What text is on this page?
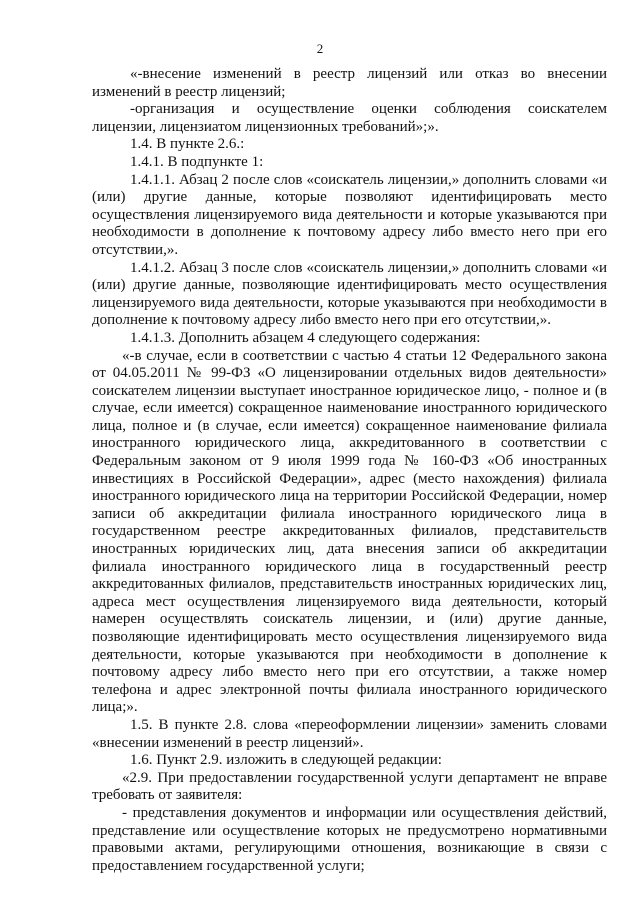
2

«-внесение изменений в реестр лицензий или отказ во внесении изменений в реестр лицензий;

-организация и осуществление оценки соблюдения соискателем лицензии, лицензиатом лицензионных требований»;».

1.4. В пункте 2.6.:

1.4.1. В подпункте 1:

1.4.1.1. Абзац 2 после слов «соискатель лицензии,» дополнить словами «и (или) другие данные, которые позволяют идентифицировать место осуществления лицензируемого вида деятельности и которые указываются при необходимости в дополнение к почтовому адресу либо вместо него при его отсутствии,».

1.4.1.2. Абзац 3 после слов «соискатель лицензии,» дополнить словами «и (или) другие данные, позволяющие идентифицировать место осуществления лицензируемого вида деятельности, которые указываются при необходимости в дополнение к почтовому адресу либо вместо него при его отсутствии,».

1.4.1.3. Дополнить абзацем 4 следующего содержания:

«-в случае, если в соответствии с частью 4 статьи 12 Федерального закона от 04.05.2011 № 99-ФЗ «О лицензировании отдельных видов деятельности» соискателем лицензии выступает иностранное юридическое лицо, - полное и (в случае, если имеется) сокращенное наименование иностранного юридического лица, полное и (в случае, если имеется) сокращенное наименование филиала иностранного юридического лица, аккредитованного в соответствии с Федеральным законом от 9 июля 1999 года № 160-ФЗ «Об иностранных инвестициях в Российской Федерации», адрес (место нахождения) филиала иностранного юридического лица на территории Российской Федерации, номер записи об аккредитации филиала иностранного юридического лица в государственном реестре аккредитованных филиалов, представительств иностранных юридических лиц, дата внесения записи об аккредитации филиала иностранного юридического лица в государственный реестр аккредитованных филиалов, представительств иностранных юридических лиц, адреса мест осуществления лицензируемого вида деятельности, который намерен осуществлять соискатель лицензии, и (или) другие данные, позволяющие идентифицировать место осуществления лицензируемого вида деятельности, которые указываются при необходимости в дополнение к почтовому адресу либо вместо него при его отсутствии, а также номер телефона и адрес электронной почты филиала иностранного юридического лица;».

1.5. В пункте 2.8. слова «переоформлении лицензии» заменить словами «внесении изменений в реестр лицензий».

1.6. Пункт 2.9. изложить в следующей редакции:

«2.9. При предоставлении государственной услуги департамент не вправе требовать от заявителя:

- представления документов и информации или осуществления действий, представление или осуществление которых не предусмотрено нормативными правовыми актами, регулирующими отношения, возникающие в связи с предоставлением государственной услуги;
